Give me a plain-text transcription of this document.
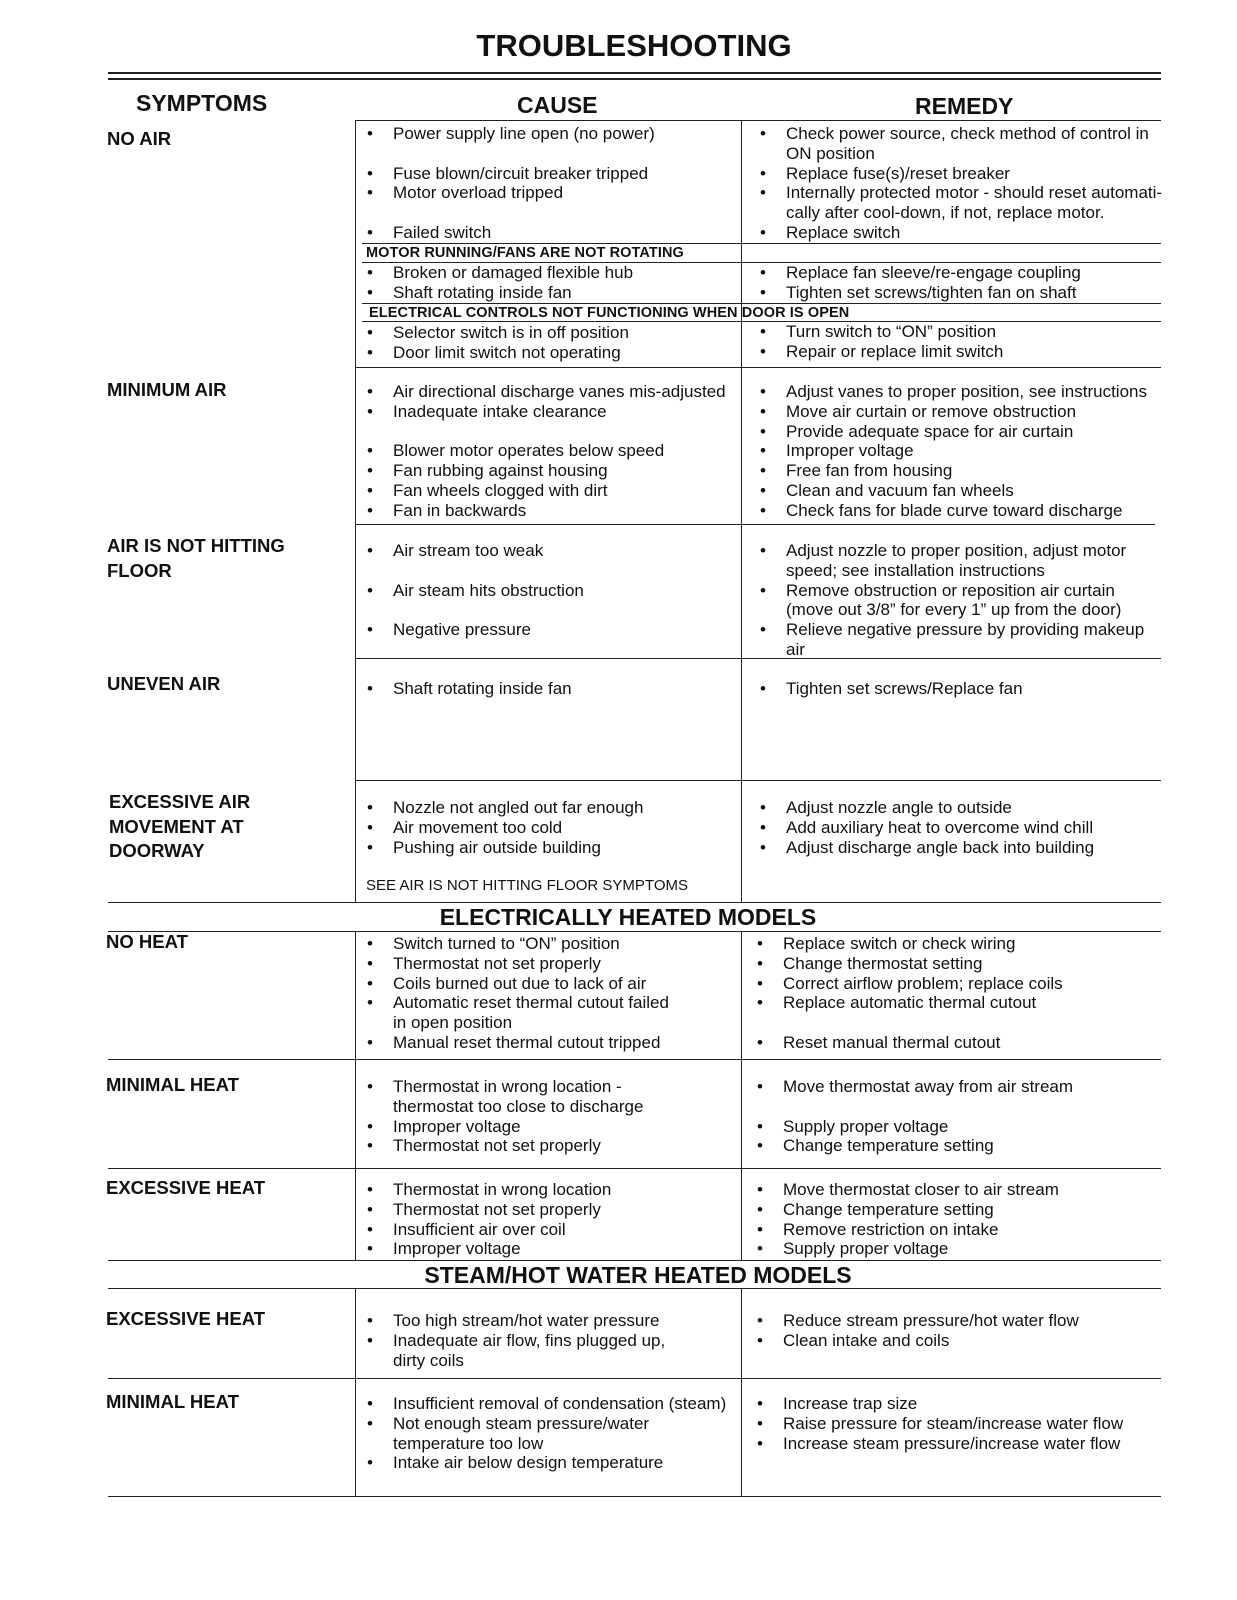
TROUBLESHOOTING
SYMPTOMS	CAUSE	REMEDY
NO AIR
MINIMUM AIR
AIR IS NOT HITTING
FLOOR
UNEVEN AIR
EXCESSIVE AIR
MOVEMENT AT
DOORWAY
NO HEAT
MINIMAL HEAT
EXCESSIVE HEAT
EXCESSIVE HEAT
MINIMAL HEAT
MOTOR RUNNING/FANS ARE NOT ROTATING
ELECTRICAL CONTROLS NOT FUNCTIONING WHEN DOOR IS OPEN
ELECTRICALLY HEATED MODELS
STEAM/HOT WATER HEATED MODELS
SEE AIR IS NOT HITTING FLOOR SYMPTOMS
• Power supply line open (no power)

• Fuse blown/circuit breaker tripped
• Motor overload tripped

• Failed switch
• Check power source, check method of control in
ON position
• Replace fuse(s)/reset breaker
• Internally protected motor - should reset automati-
cally after cool-down, if not, replace motor.
• Replace switch
• Broken or damaged flexible hub
• Shaft rotating inside fan
• Replace fan sleeve/re-engage coupling
• Tighten set screws/tighten fan on shaft
• Selector switch is in off position
• Door limit switch not operating
• Turn switch to “ON” position
• Repair or replace limit switch
• Air directional discharge vanes mis-adjusted
• Inadequate intake clearance

• Blower motor operates below speed
• Fan rubbing against housing
• Fan wheels clogged with dirt
• Fan in backwards
• Adjust vanes to proper position, see instructions
• Move air curtain or remove obstruction
• Provide adequate space for air curtain
• Improper voltage
• Free fan from housing
• Clean and vacuum fan wheels
• Check fans for blade curve toward discharge
• Air stream too weak

• Air steam hits obstruction

• Negative pressure
• Adjust nozzle to proper position, adjust motor
speed; see installation instructions
• Remove obstruction or reposition air curtain
(move out 3/8” for every 1” up from the door)
• Relieve negative pressure by providing makeup
air
• Shaft rotating inside fan
•	Tighten set screws/Replace fan
• Nozzle not angled out far enough
• Air movement too cold
• Pushing air outside building
• Adjust nozzle angle to outside
• Add auxiliary heat to overcome wind chill
• Adjust discharge angle back into building
• Switch turned to “ON” position
• Thermostat not set properly
• Coils burned out due to lack of air
• Automatic reset thermal cutout failed
in open position
• Manual reset thermal cutout tripped
• Replace switch or check wiring
• Change thermostat setting
• Correct airflow problem; replace coils
• Replace automatic thermal cutout

• Reset manual thermal cutout
• Thermostat in wrong location -
thermostat too close to discharge
• Improper voltage
• Thermostat not set properly
• Move thermostat away from air stream

• Supply proper voltage
• Change temperature setting
• Thermostat in wrong location
• Thermostat not set properly
• Insufficient air over coil
• Improper voltage
• Move thermostat closer to air stream
• Change temperature setting
• Remove restriction on intake
• Supply proper voltage
• Too high stream/hot water pressure
• Inadequate air flow, fins plugged up,
dirty coils
• Reduce stream pressure/hot water flow
• Clean intake and coils
• Insufficient removal of condensation (steam)
• Not enough steam pressure/water
temperature too low
• Intake air below design temperature
• Increase trap size
• Raise pressure for steam/increase water flow
• Increase steam pressure/increase water flow
